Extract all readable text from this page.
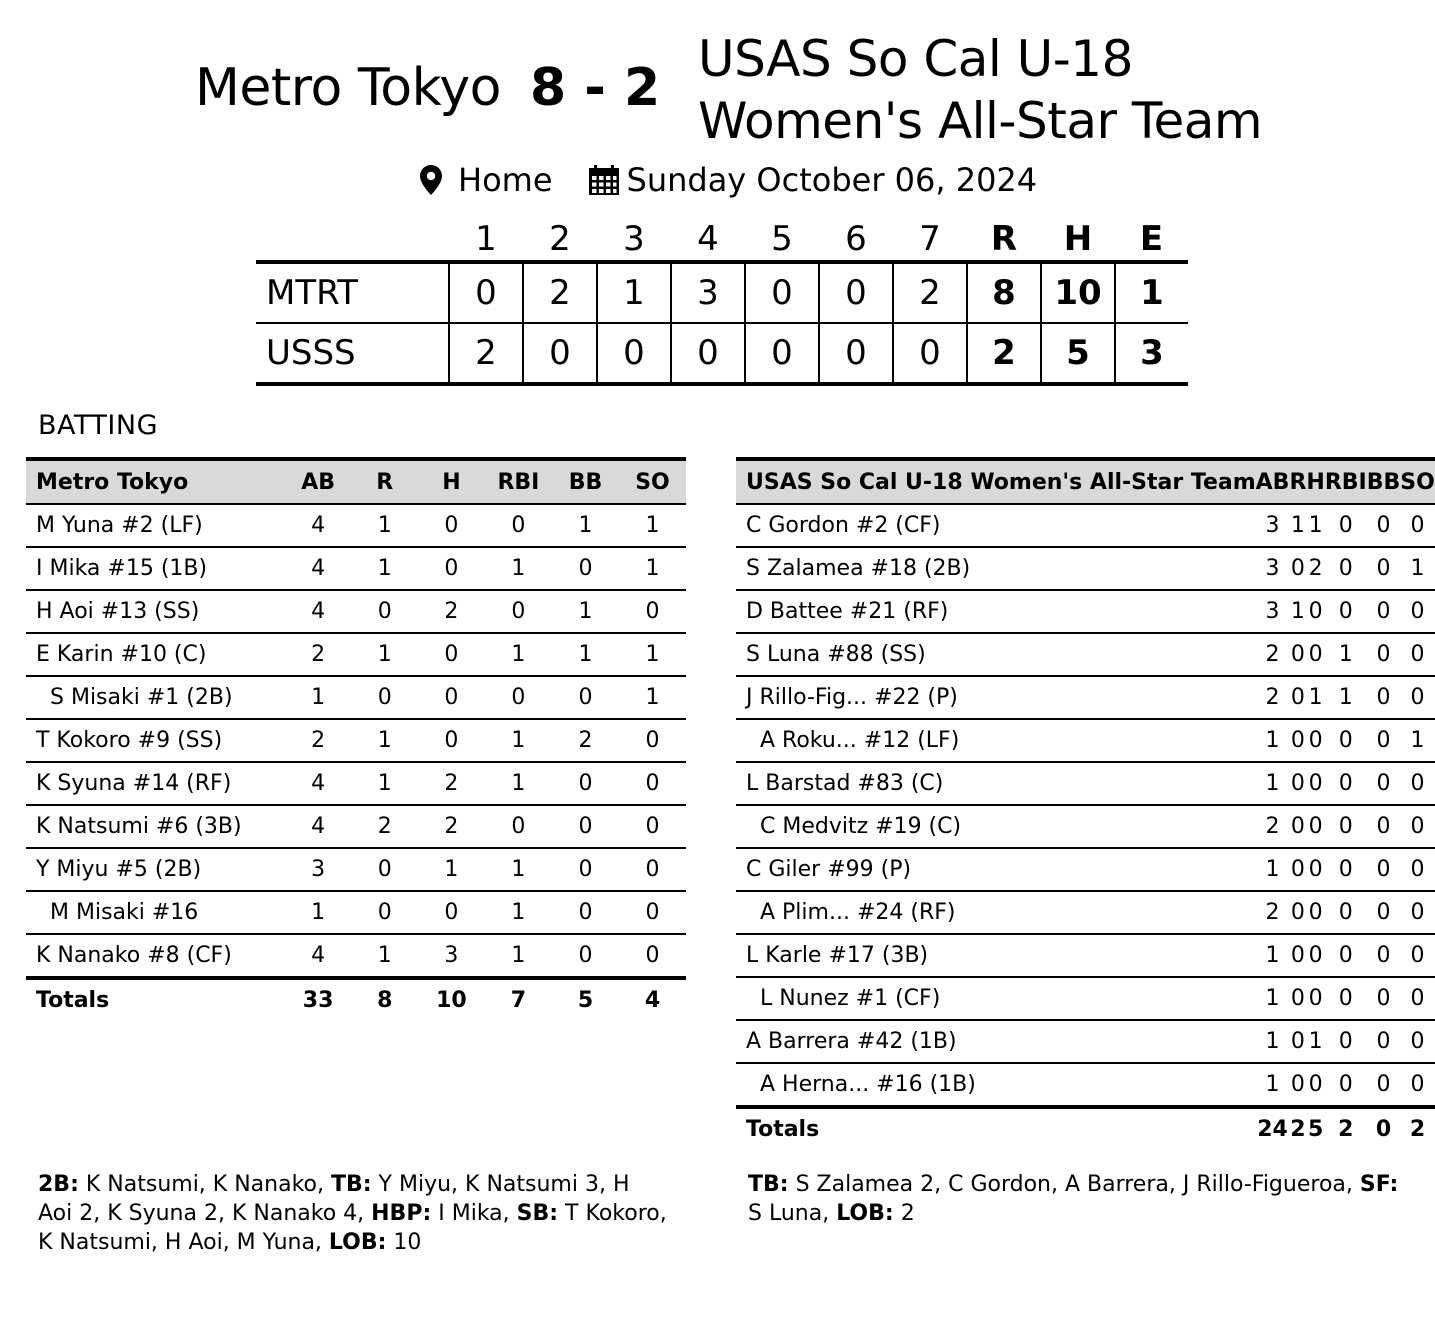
Metro Tokyo 8 - 2 USAS So Cal U-18
Women's All-Star Team
Home Sunday October 06, 2024
	1	2	3	4	5	6	7	R	H	E
MTRT	0	2	1	3	0	0	2	8	10	1
USSS	2	0	0	0	0	0	0	2	5	3
BATTING
Metro Tokyo	AB	R	H	RBI	BB	SO
M Yuna #2 (LF)	4	1	0	0	1	1
I Mika #15 (1B)	4	1	0	1	0	1
H Aoi #13 (SS)	4	0	2	0	1	0
E Karin #10 (C)	2	1	0	1	1	1
S Misaki #1 (2B)	1	0	0	0	0	1
T Kokoro #9 (SS)	2	1	0	1	2	0
K Syuna #14 (RF)	4	1	2	1	0	0
K Natsumi #6 (3B)	4	2	2	0	0	0
Y Miyu #5 (2B)	3	0	1	1	0	0
M Misaki #16	1	0	0	1	0	0
K Nanako #8 (CF)	4	1	3	1	0	0
Totals	33	8	10	7	5	4
USAS So Cal U-18 Women's All-Star Team	AB	R	H	RBI	BB	SO
C Gordon #2 (CF)	3	1	1	0	0	0
S Zalamea #18 (2B)	3	0	2	0	0	1
D Battee #21 (RF)	3	1	0	0	0	0
S Luna #88 (SS)	2	0	0	1	0	0
J Rillo-Fig... #22 (P)	2	0	1	1	0	0
A Roku... #12 (LF)	1	0	0	0	0	1
L Barstad #83 (C)	1	0	0	0	0	0
C Medvitz #19 (C)	2	0	0	0	0	0
C Giler #99 (P)	1	0	0	0	0	0
A Plim... #24 (RF)	2	0	0	0	0	0
L Karle #17 (3B)	1	0	0	0	0	0
L Nunez #1 (CF)	1	0	0	0	0	0
A Barrera #42 (1B)	1	0	1	0	0	0
A Herna... #16 (1B)	1	0	0	0	0	0
Totals	24	2	5	2	0	2
2B: K Natsumi, K Nanako, TB: Y Miyu, K Natsumi 3, H Aoi 2, K Syuna 2, K Nanako 4, HBP: I Mika, SB: T Kokoro, K Natsumi, H Aoi, M Yuna, LOB: 10
TB: S Zalamea 2, C Gordon, A Barrera, J Rillo-Figueroa, SF: S Luna, LOB: 2
